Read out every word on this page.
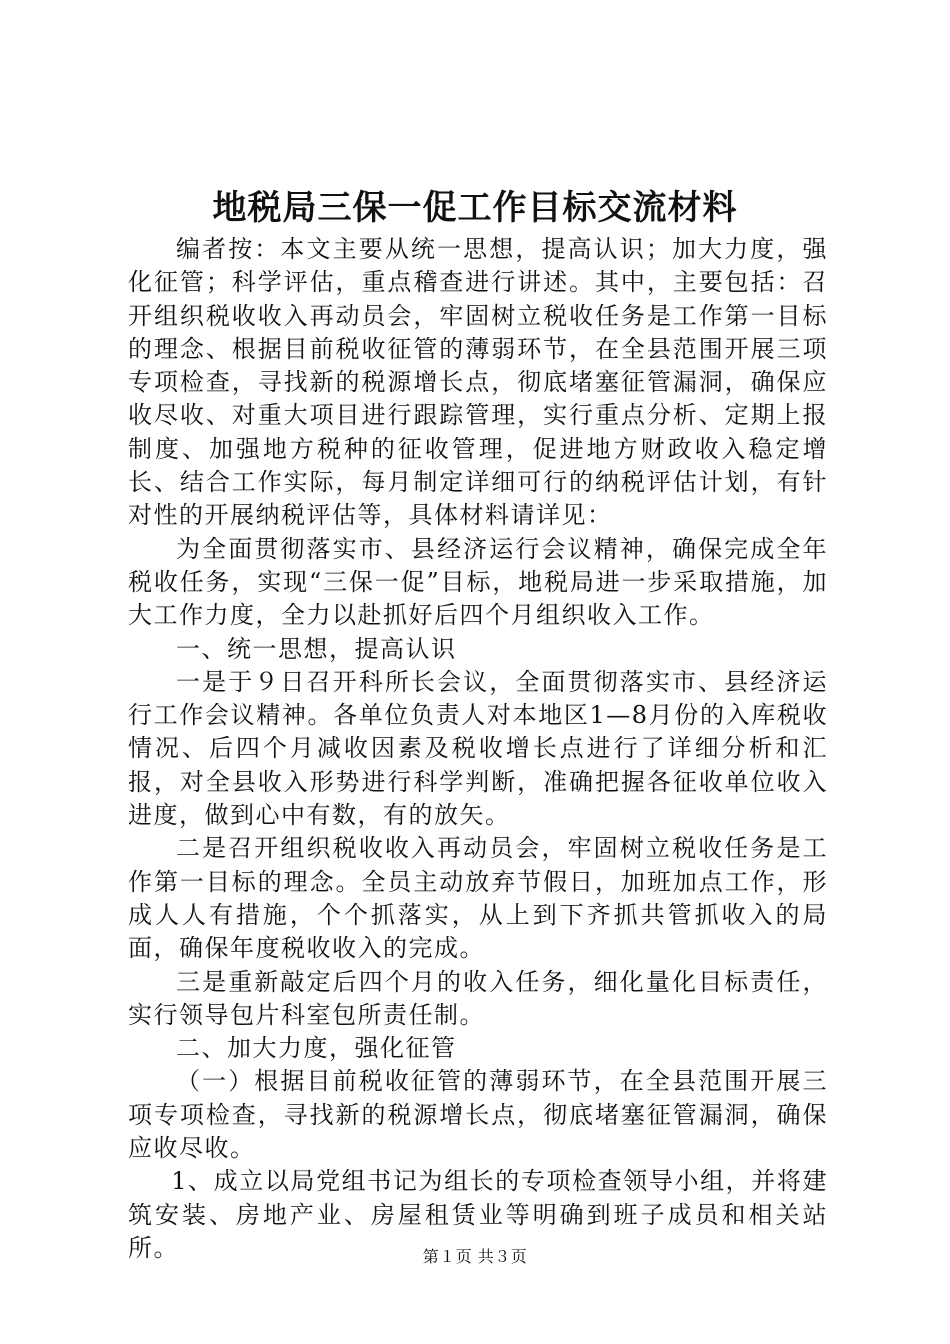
地税局三保一促工作目标交流材料

编者按：本文主要从统一思想，提高认识；加大力度，强化征管；科学评估，重点稽查进行讲述。其中，主要包括：召开组织税收收入再动员会，牢固树立税收任务是工作第一目标的理念、根据目前税收征管的薄弱环节，在全县范围开展三项专项检查，寻找新的税源增长点，彻底堵塞征管漏洞，确保应收尽收、对重大项目进行跟踪管理，实行重点分析、定期上报制度、加强地方税种的征收管理，促进地方财政收入稳定增长、结合工作实际，每月制定详细可行的纳税评估计划，有针对性的开展纳税评估等，具体材料请详见：

为全面贯彻落实市、县经济运行会议精神，确保完成全年税收任务，实现“三保一促”目标，地税局进一步采取措施，加大工作力度，全力以赴抓好后四个月组织收入工作。

一、统一思想，提高认识

一是于９日召开科所长会议，全面贯彻落实市、县经济运行工作会议精神。各单位负责人对本地区1—8月份的入库税收情况、后四个月减收因素及税收增长点进行了详细分析和汇报，对全县收入形势进行科学判断，准确把握各征收单位收入进度，做到心中有数，有的放矢。

二是召开组织税收收入再动员会，牢固树立税收任务是工作第一目标的理念。全员主动放弃节假日，加班加点工作，形成人人有措施，个个抓落实，从上到下齐抓共管抓收入的局面，确保年度税收收入的完成。

三是重新敲定后四个月的收入任务，细化量化目标责任，实行领导包片科室包所责任制。

二、加大力度，强化征管

（一）根据目前税收征管的薄弱环节，在全县范围开展三项专项检查，寻找新的税源增长点，彻底堵塞征管漏洞，确保应收尽收。

1、成立以局党组书记为组长的专项检查领导小组，并将建筑安装、房地产业、房屋租赁业等明确到班子成员和相关站所。	第１页 共３页
